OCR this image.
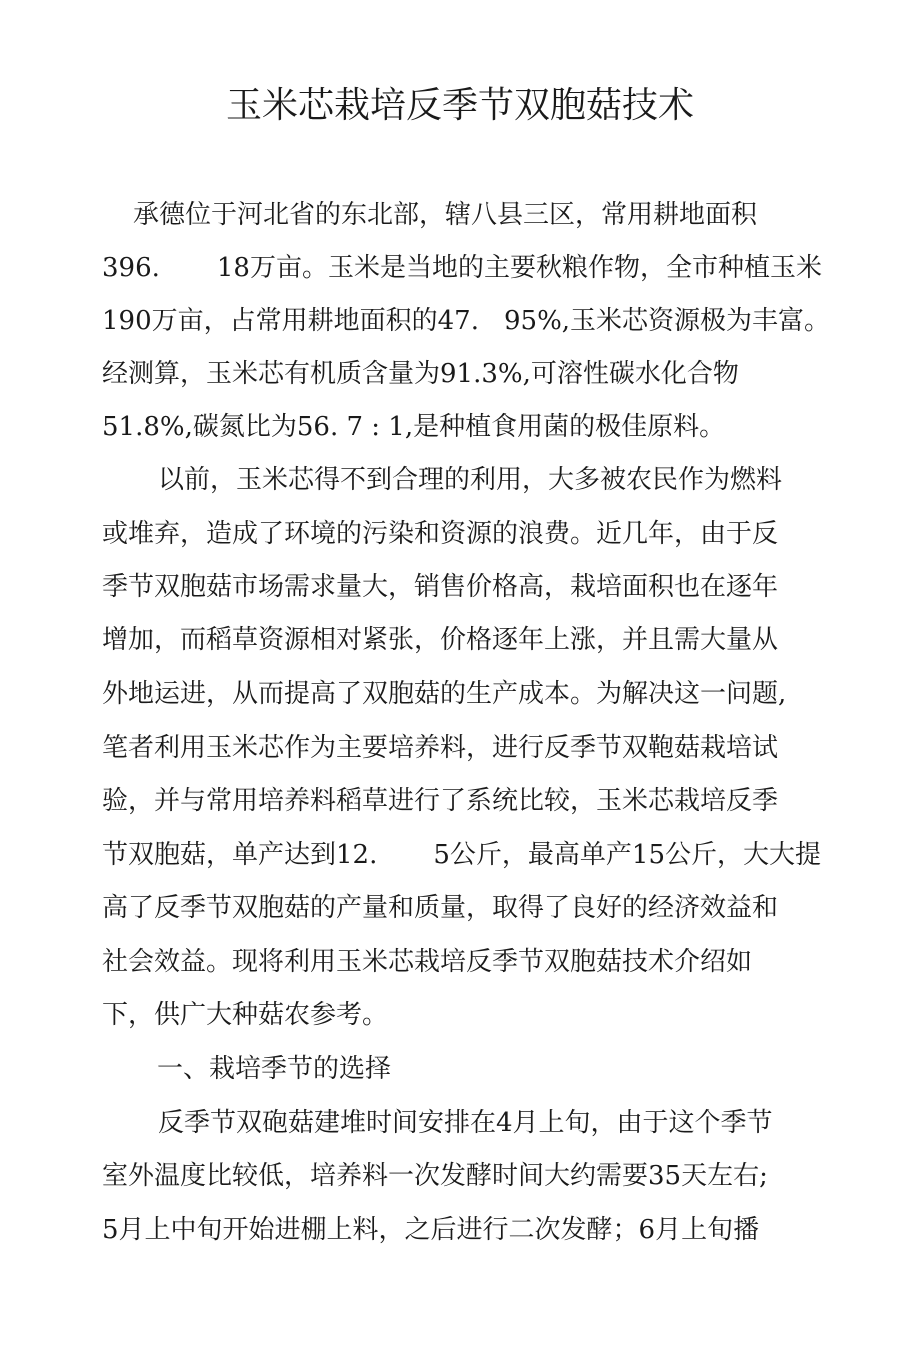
玉米芯栽培反季节双胞菇技术
承德位于河北省的东北部，辖八县三区，常用耕地面积
396. 18万亩。玉米是当地的主要秋粮作物，全市种植玉米
190万亩，占常用耕地面积的47. 95%,玉米芯资源极为丰富。
经测算，玉米芯有机质含量为91.3%,可溶性碳水化合物
51.8%,碳氮比为56. 7 : 1,是种植食用菌的极佳原料。
以前，玉米芯得不到合理的利用，大多被农民作为燃料
或堆弃，造成了环境的污染和资源的浪费。近几年，由于反
季节双胞菇市场需求量大，销售价格高，栽培面积也在逐年
增加，而稻草资源相对紧张，价格逐年上涨，并且需大量从
外地运进，从而提高了双胞菇的生产成本。为解决这一问题,
笔者利用玉米芯作为主要培养料，进行反季节双鞄菇栽培试
验，并与常用培养料稻草进行了系统比较，玉米芯栽培反季
节双胞菇，单产达到12. 5公斤，最高单产15公斤，大大提
高了反季节双胞菇的产量和质量，取得了良好的经济效益和
社会效益。现将利用玉米芯栽培反季节双胞菇技术介绍如
下，供广大种菇农参考。
一、栽培季节的选择
反季节双砲菇建堆时间安排在4月上旬，由于这个季节
室外温度比较低，培养料一次发酵时间大约需要35天左右;
5月上中旬开始进棚上料，之后进行二次发酵；6月上旬播
